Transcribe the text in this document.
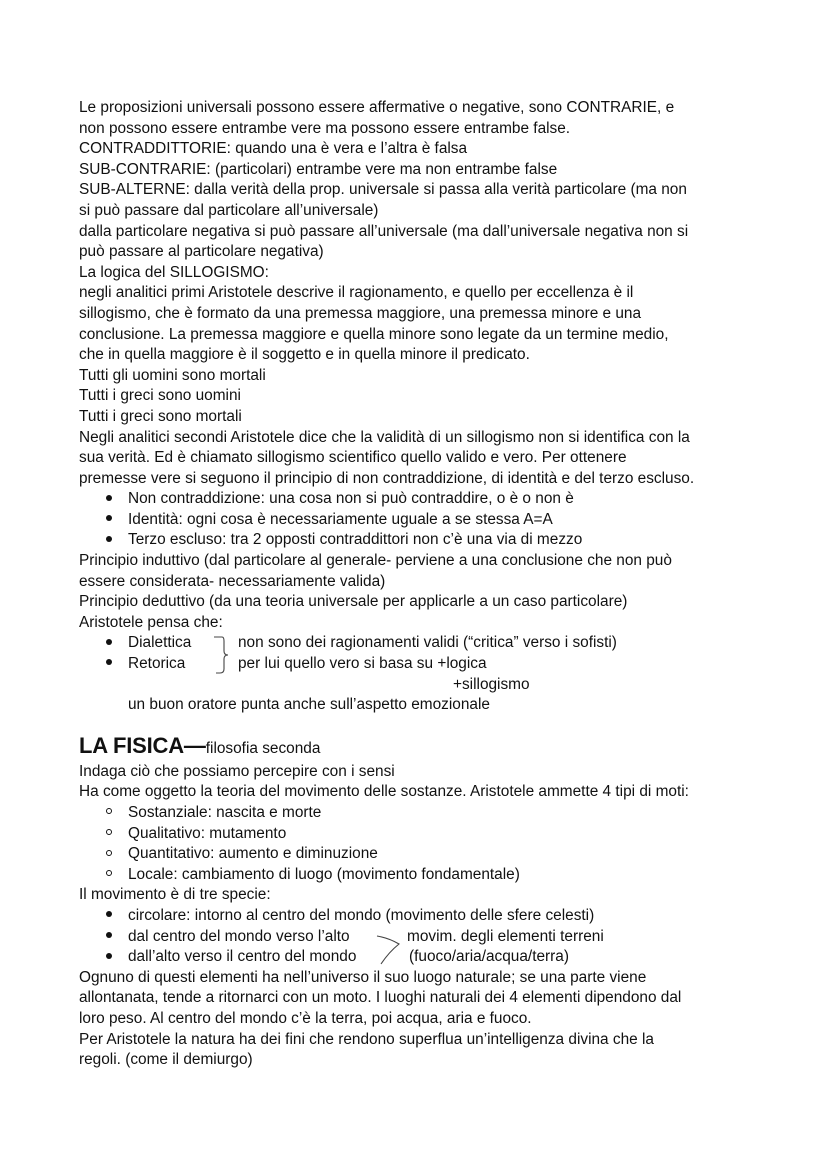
Le proposizioni universali possono essere affermative o negative, sono CONTRARIE, e
non possono essere entrambe vere ma possono essere entrambe false.
CONTRADDITTORIE: quando una è vera e l’altra è falsa
SUB-CONTRARIE: (particolari) entrambe vere ma non entrambe false
SUB-ALTERNE: dalla verità della prop. universale si passa alla verità particolare (ma non
si può passare dal particolare all’universale)
dalla particolare negativa si può passare all’universale (ma dall’universale negativa non si
può passare al particolare negativa)
La logica del SILLOGISMO:
negli analitici primi Aristotele descrive il ragionamento, e quello per eccellenza è il
sillogismo, che è formato da una premessa maggiore, una premessa minore e una
conclusione. La premessa maggiore e quella minore sono legate da un termine medio,
che in quella maggiore è il soggetto e in quella minore il predicato.
Tutti gli uomini sono mortali
Tutti i greci sono uomini
Tutti i greci sono mortali
Negli analitici secondi Aristotele dice che la validità di un sillogismo non si identifica con la
sua verità. Ed è chiamato sillogismo scientifico quello valido e vero. Per ottenere
premesse vere si seguono il principio di non contraddizione, di identità e del terzo escluso.
Non contraddizione: una cosa non si può contraddire, o è o non è
Identità: ogni cosa è necessariamente uguale a se stessa A=A
Terzo escluso: tra 2 opposti contraddittori non c’è una via di mezzo
Principio induttivo (dal particolare al generale- perviene a una conclusione che non può
essere considerata- necessariamente valida)
Principio deduttivo (da una teoria universale per applicarle a un caso particolare)
Aristotele pensa che:
Dialettica	non sono dei ragionamenti validi (“critica” verso i sofisti)
Retorica	per lui quello vero si basa su +logica
+sillogismo
un buon oratore punta anche sull’aspetto emozionale
LA FISICA—filosofia seconda
Indaga ciò che possiamo percepire con i sensi
Ha come oggetto la teoria del movimento delle sostanze. Aristotele ammette 4 tipi di moti:
Sostanziale: nascita e morte
Qualitativo: mutamento
Quantitativo: aumento e diminuzione
Locale: cambiamento di luogo (movimento fondamentale)
Il movimento è di tre specie:
circolare: intorno al centro del mondo (movimento delle sfere celesti)
dal centro del mondo verso l’alto	movim. degli elementi terreni
dall’alto verso il centro del mondo	(fuoco/aria/acqua/terra)
Ognuno di questi elementi ha nell’universo il suo luogo naturale; se una parte viene
allontanata, tende a ritornarci con un moto. I luoghi naturali dei 4 elementi dipendono dal
loro peso. Al centro del mondo c’è la terra, poi acqua, aria e fuoco.
Per Aristotele la natura ha dei fini che rendono superflua un’intelligenza divina che la
regoli. (come il demiurgo)
